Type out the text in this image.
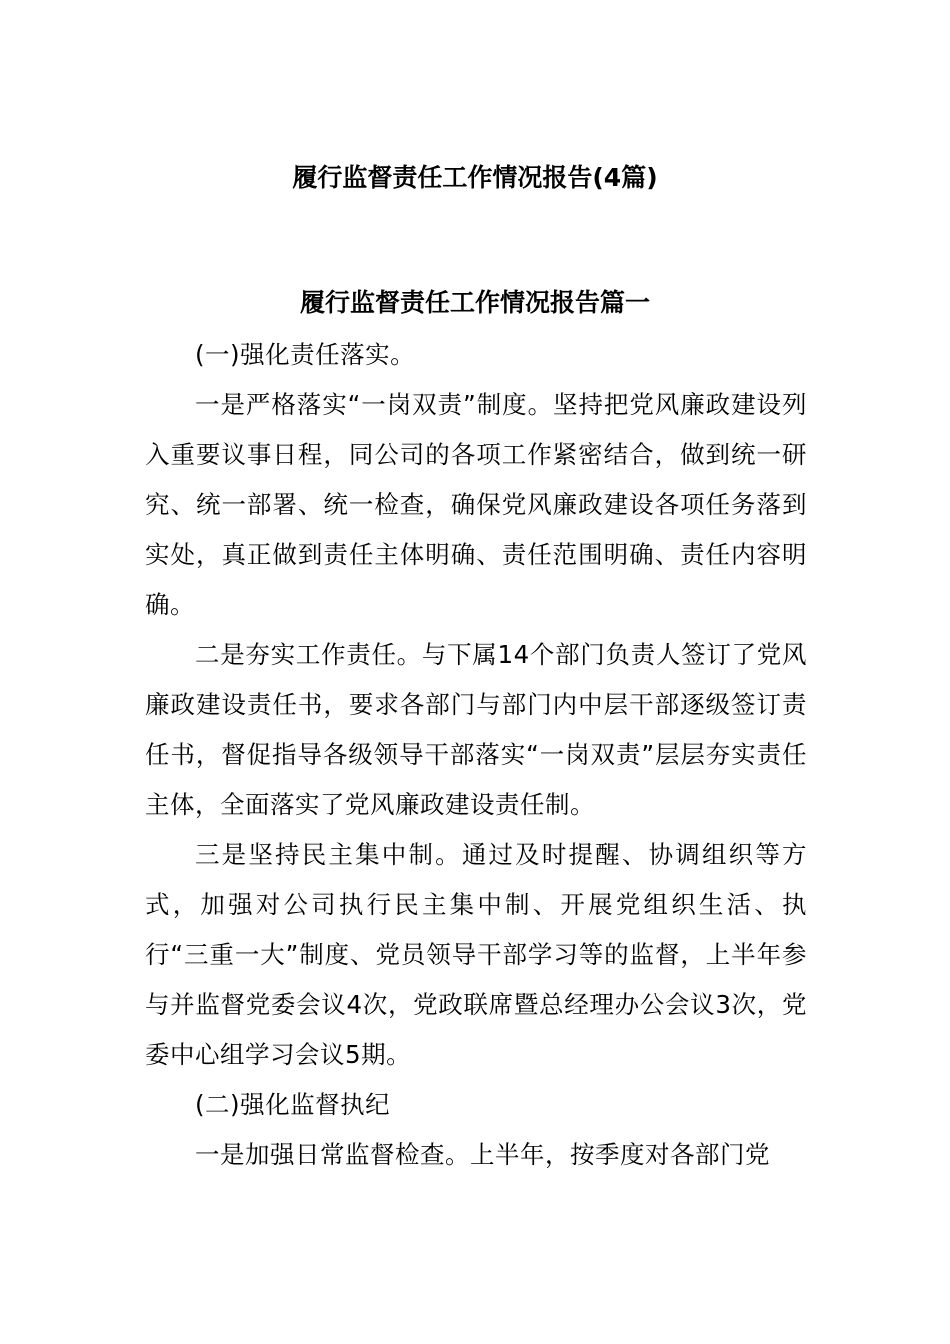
履行监督责任工作情况报告(4篇)
履行监督责任工作情况报告篇一

(一)强化责任落实。

一是严格落实“一岗双责”制度。坚持把党风廉政建设列入重要议事日程，同公司的各项工作紧密结合，做到统一研究、统一部署、统一检查，确保党风廉政建设各项任务落到实处，真正做到责任主体明确、责任范围明确、责任内容明确。

二是夯实工作责任。与下属14个部门负责人签订了党风廉政建设责任书，要求各部门与部门内中层干部逐级签订责任书，督促指导各级领导干部落实“一岗双责”层层夯实责任主体，全面落实了党风廉政建设责任制。

三是坚持民主集中制。通过及时提醒、协调组织等方式，加强对公司执行民主集中制、开展党组织生活、执行“三重一大”制度、党员领导干部学习等的监督，上半年参与并监督党委会议4次，党政联席暨总经理办公会议3次，党委中心组学习会议5期。

(二)强化监督执纪

一是加强日常监督检查。上半年，按季度对各部门党
